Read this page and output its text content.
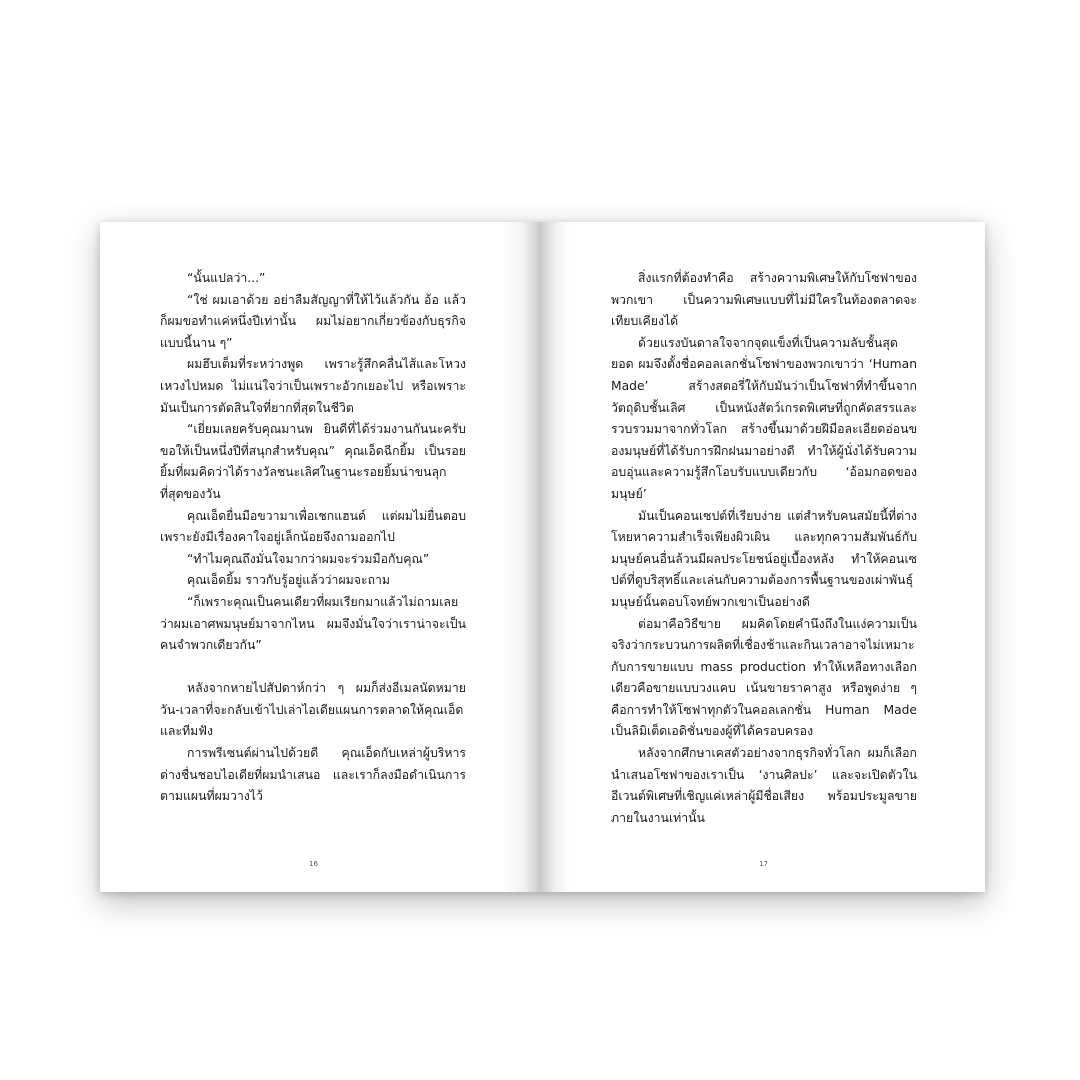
“นั้นแปลว่า...”

“ใช่ ผมเอาด้วย อย่าลืมสัญญาที่ให้ไว้แล้วกัน อ้อ แล้วก็ผมขอทำแค่หนึ่งปีเท่านั้น ผมไม่อยากเกี่ยวข้องกับธุรกิจแบบนี้นาน ๆ”

ผมฮึบเต็มที่ระหว่างพูด เพราะรู้สึกคลื่นไส้และโหวงเหวงไปหมด ไม่แน่ใจว่าเป็นเพราะอัวกเยอะไป หรือเพราะมันเป็นการตัดสินใจที่ยากที่สุดในชีวิต

“เยี่ยมเลยครับคุณมานพ ยินดีที่ได้ร่วมงานกันนะครับ ขอให้เป็นหนึ่งปีที่สนุกสำหรับคุณ” คุณเอ็ดฉีกยิ้ม เป็นรอยยิ้มที่ผมคิดว่าได้รางวัลชนะเลิศในฐานะรอยยิ้มน่าขนลุกที่สุดของวัน

คุณเอ็ดยื่นมือขวามาเพื่อเชกแฮนด์ แต่ผมไม่ยื่นตอบ เพราะยังมีเรื่องคาใจอยู่เล็กน้อยจึงถามออกไป

“ทำไมคุณถึงมั่นใจมากว่าผมจะร่วมมือกับคุณ”

คุณเอ็ดยิ้ม ราวกับรู้อยู่แล้วว่าผมจะถาม

“ก็เพราะคุณเป็นคนเดียวที่ผมเรียกมาแล้วไม่ถามเลยว่าผมเอาศพมนุษย์มาจากไหน ผมจึงมั่นใจว่าเราน่าจะเป็นคนจำพวกเดียวกัน”

หลังจากหายไปสัปดาห์กว่า ๆ ผมก็ส่งอีเมลนัดหมายวัน-เวลาที่จะกลับเข้าไปเล่าไอเดียแผนการตลาดให้คุณเอ็ดและทีมฟัง

การพรีเซนต์ผ่านไปด้วยดี คุณเอ็ดกับเหล่าผู้บริหารต่างชื่นชอบไอเดียที่ผมนำเสนอ และเราก็ลงมือดำเนินการตามแผนที่ผมวางไว้

16

สิ่งแรกที่ต้องทำคือ สร้างความพิเศษให้กับโซฟาของพวกเขา เป็นความพิเศษแบบที่ไม่มีใครในท้องตลาดจะเทียบเคียงได้

ด้วยแรงบันดาลใจจากจุดแข็งที่เป็นความลับชั้นสุดยอด ผมจึงตั้งชื่อคอลเลกชั่นโซฟาของพวกเขาว่า ‘Human Made’ สร้างสตอรี่ให้กับมันว่าเป็นโซฟาที่ทำขึ้นจากวัตถุดิบชั้นเลิศ เป็นหนังสัตว์เกรดพิเศษที่ถูกคัดสรรและรวบรวมมาจากทั่วโลก สร้างขึ้นมาด้วยฝีมือละเอียดอ่อนของมนุษย์ที่ได้รับการฝึกฝนมาอย่างดี ทำให้ผู้นั่งได้รับความอบอุ่นและความรู้สึกโอบรับแบบเดียวกับ ‘อ้อมกอดของมนุษย์’

มันเป็นคอนเซปต์ที่เรียบง่าย แต่สำหรับคนสมัยนี้ที่ต่างโหยหาความสำเร็จเพียงผิวเผิน และทุกความสัมพันธ์กับมนุษย์คนอื่นล้วนมีผลประโยชน์อยู่เบื้องหลัง ทำให้คอนเซปต์ที่ดูบริสุทธิ์และเล่นกับความต้องการพื้นฐานของเผ่าพันธุ์มนุษย์นั้นตอบโจทย์พวกเขาเป็นอย่างดี

ต่อมาคือวิธีขาย ผมคิดโดยคำนึงถึงในแง่ความเป็นจริงว่ากระบวนการผลิตที่เชื่องช้าและกินเวลาอาจไม่เหมาะกับการขายแบบ mass production ทำให้เหลือทางเลือกเดียวคือขายแบบวงแคบ เน้นขายราคาสูง หรือพูดง่าย ๆ คือการทำให้โซฟาทุกตัวในคอลเลกชั่น Human Made เป็นลิมิเต็ดเอดิชั่นของผู้ที่ได้ครอบครอง

หลังจากศึกษาเคสตัวอย่างจากธุรกิจทั่วโลก ผมก็เลือกนำเสนอโซฟาของเราเป็น ‘งานศิลปะ’ และจะเปิดตัวในอีเวนต์พิเศษที่เชิญแค่เหล่าผู้มีชื่อเสียง พร้อมประมูลขายภายในงานเท่านั้น

17
